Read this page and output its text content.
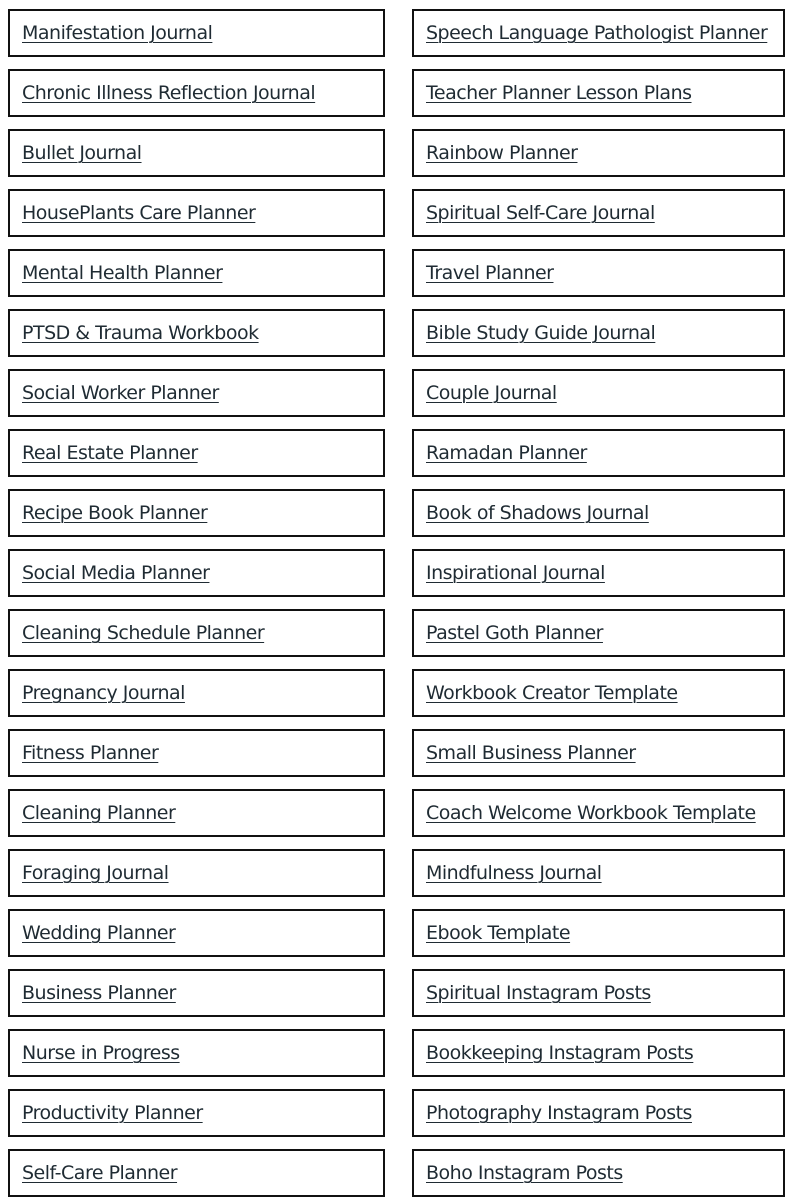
Manifestation Journal	Speech Language Pathologist Planner
Chronic Illness Reflection Journal	Teacher Planner Lesson Plans
Bullet Journal	Rainbow Planner
HousePlants Care Planner	Spiritual Self-Care Journal
Mental Health Planner	Travel Planner
PTSD & Trauma Workbook	Bible Study Guide Journal
Social Worker Planner	Couple Journal
Real Estate Planner	Ramadan Planner
Recipe Book Planner	Book of Shadows Journal
Social Media Planner	Inspirational Journal
Cleaning Schedule Planner	Pastel Goth Planner
Pregnancy Journal	Workbook Creator Template
Fitness Planner	Small Business Planner
Cleaning Planner	Coach Welcome Workbook Template
Foraging Journal	Mindfulness Journal
Wedding Planner	Ebook Template
Business Planner	Spiritual Instagram Posts
Nurse in Progress	Bookkeeping Instagram Posts
Productivity Planner	Photography Instagram Posts
Self-Care Planner	Boho Instagram Posts
